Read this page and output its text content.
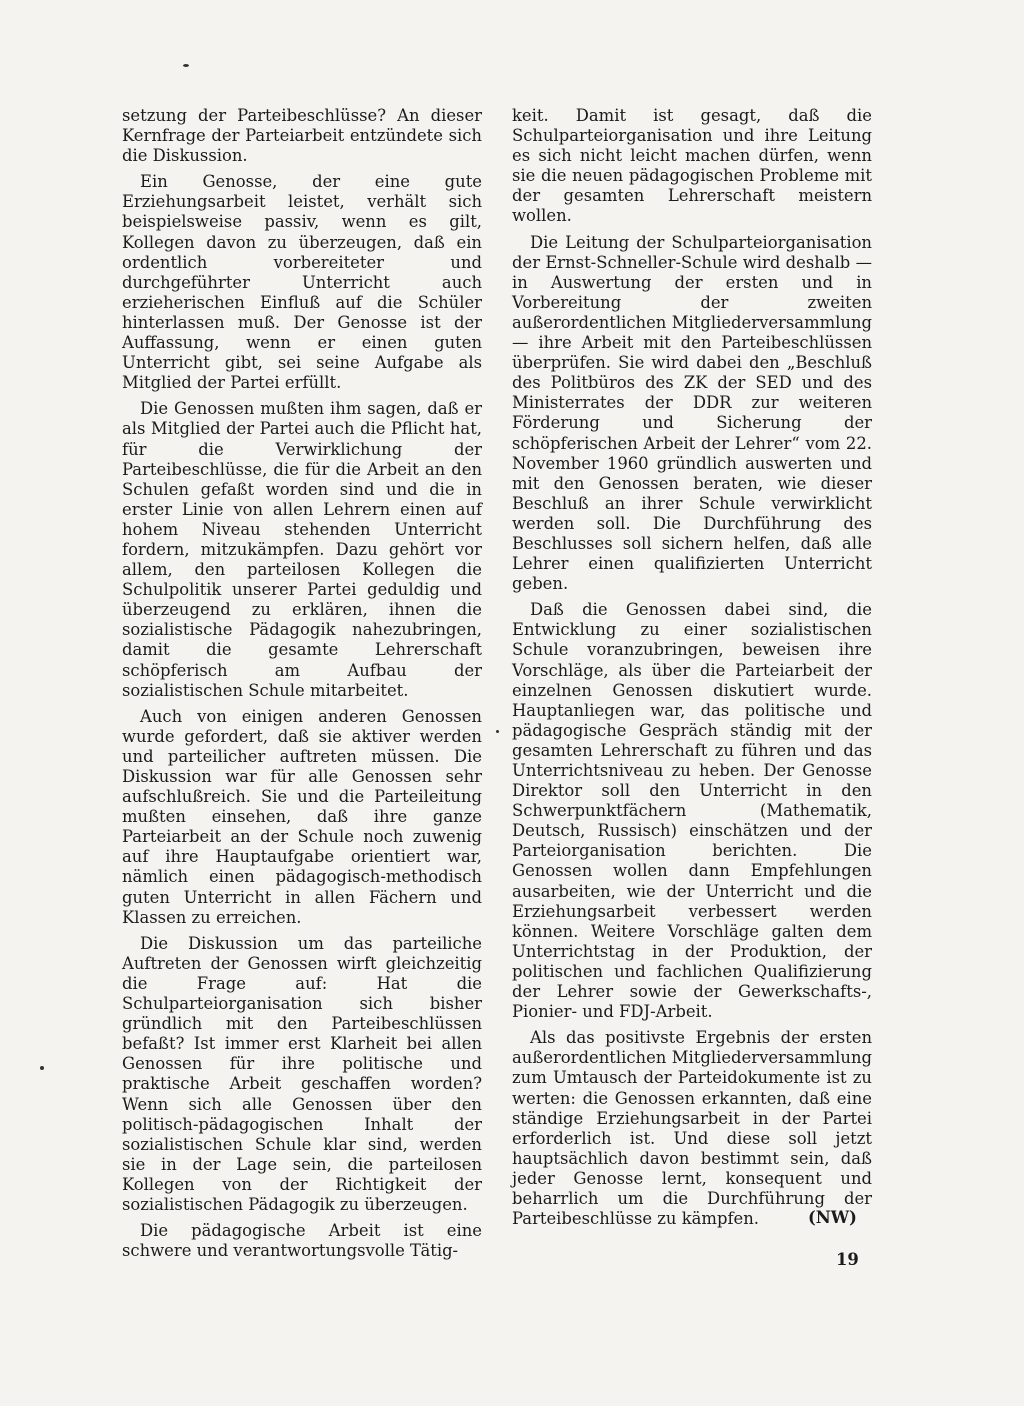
setzung der Parteibeschlüsse? An dieser Kernfrage der Parteiarbeit entzündete sich die Diskussion.

Ein Genosse, der eine gute Erziehungsarbeit leistet, verhält sich beispielsweise passiv, wenn es gilt, Kollegen davon zu überzeugen, daß ein ordentlich vorbereiteter und durchgeführter Unterricht auch erzieherischen Einfluß auf die Schüler hinterlassen muß. Der Genosse ist der Auffassung, wenn er einen guten Unterricht gibt, sei seine Aufgabe als Mitglied der Partei erfüllt.

Die Genossen mußten ihm sagen, daß er als Mitglied der Partei auch die Pflicht hat, für die Verwirklichung der Parteibeschlüsse, die für die Arbeit an den Schulen gefaßt worden sind und die in erster Linie von allen Lehrern einen auf hohem Niveau stehenden Unterricht fordern, mitzukämpfen. Dazu gehört vor allem, den parteilosen Kollegen die Schulpolitik unserer Partei geduldig und überzeugend zu erklären, ihnen die sozialistische Pädagogik nahezubringen, damit die gesamte Lehrerschaft schöpferisch am Aufbau der sozialistischen Schule mitarbeitet.

Auch von einigen anderen Genossen wurde gefordert, daß sie aktiver werden und parteilicher auftreten müssen. Die Diskussion war für alle Genossen sehr aufschlußreich. Sie und die Parteileitung mußten einsehen, daß ihre ganze Parteiarbeit an der Schule noch zuwenig auf ihre Hauptaufgabe orientiert war, nämlich einen pädagogisch-methodisch guten Unterricht in allen Fächern und Klassen zu erreichen.

Die Diskussion um das parteiliche Auftreten der Genossen wirft gleichzeitig die Frage auf: Hat die Schulparteiorganisation sich bisher gründlich mit den Parteibeschlüssen befaßt? Ist immer erst Klarheit bei allen Genossen für ihre politische und praktische Arbeit geschaffen worden? Wenn sich alle Genossen über den politisch-pädagogischen Inhalt der sozialistischen Schule klar sind, werden sie in der Lage sein, die parteilosen Kollegen von der Richtigkeit der sozialistischen Pädagogik zu überzeugen.

Die pädagogische Arbeit ist eine schwere und verantwortungsvolle Tätig-

keit. Damit ist gesagt, daß die Schulparteiorganisation und ihre Leitung es sich nicht leicht machen dürfen, wenn sie die neuen pädagogischen Probleme mit der gesamten Lehrerschaft meistern wollen.

Die Leitung der Schulparteiorganisation der Ernst-Schneller-Schule wird deshalb — in Auswertung der ersten und in Vorbereitung der zweiten außerordentlichen Mitgliederversammlung — ihre Arbeit mit den Parteibeschlüssen überprüfen. Sie wird dabei den „Beschluß des Politbüros des ZK der SED und des Ministerrates der DDR zur weiteren Förderung und Sicherung der schöpferischen Arbeit der Lehrer“ vom 22. November 1960 gründlich auswerten und mit den Genossen beraten, wie dieser Beschluß an ihrer Schule verwirklicht werden soll. Die Durchführung des Beschlusses soll sichern helfen, daß alle Lehrer einen qualifizierten Unterricht geben.

Daß die Genossen dabei sind, die Entwicklung zu einer sozialistischen Schule voranzubringen, beweisen ihre Vorschläge, als über die Parteiarbeit der einzelnen Genossen diskutiert wurde. Hauptanliegen war, das politische und pädagogische Gespräch ständig mit der gesamten Lehrerschaft zu führen und das Unterrichtsniveau zu heben. Der Genosse Direktor soll den Unterricht in den Schwerpunktfächern (Mathematik, Deutsch, Russisch) einschätzen und der Parteiorganisation berichten. Die Genossen wollen dann Empfehlungen ausarbeiten, wie der Unterricht und die Erziehungsarbeit verbessert werden können. Weitere Vorschläge galten dem Unterrichtstag in der Produktion, der politischen und fachlichen Qualifizierung der Lehrer sowie der Gewerkschafts-, Pionier- und FDJ-Arbeit.

Als das positivste Ergebnis der ersten außerordentlichen Mitgliederversammlung zum Umtausch der Parteidokumente ist zu werten: die Genossen erkannten, daß eine ständige Erziehungsarbeit in der Partei erforderlich ist. Und diese soll jetzt hauptsächlich davon bestimmt sein, daß jeder Genosse lernt, konsequent und beharrlich um die Durchführung der Parteibeschlüsse zu kämpfen.	(NW)
19
